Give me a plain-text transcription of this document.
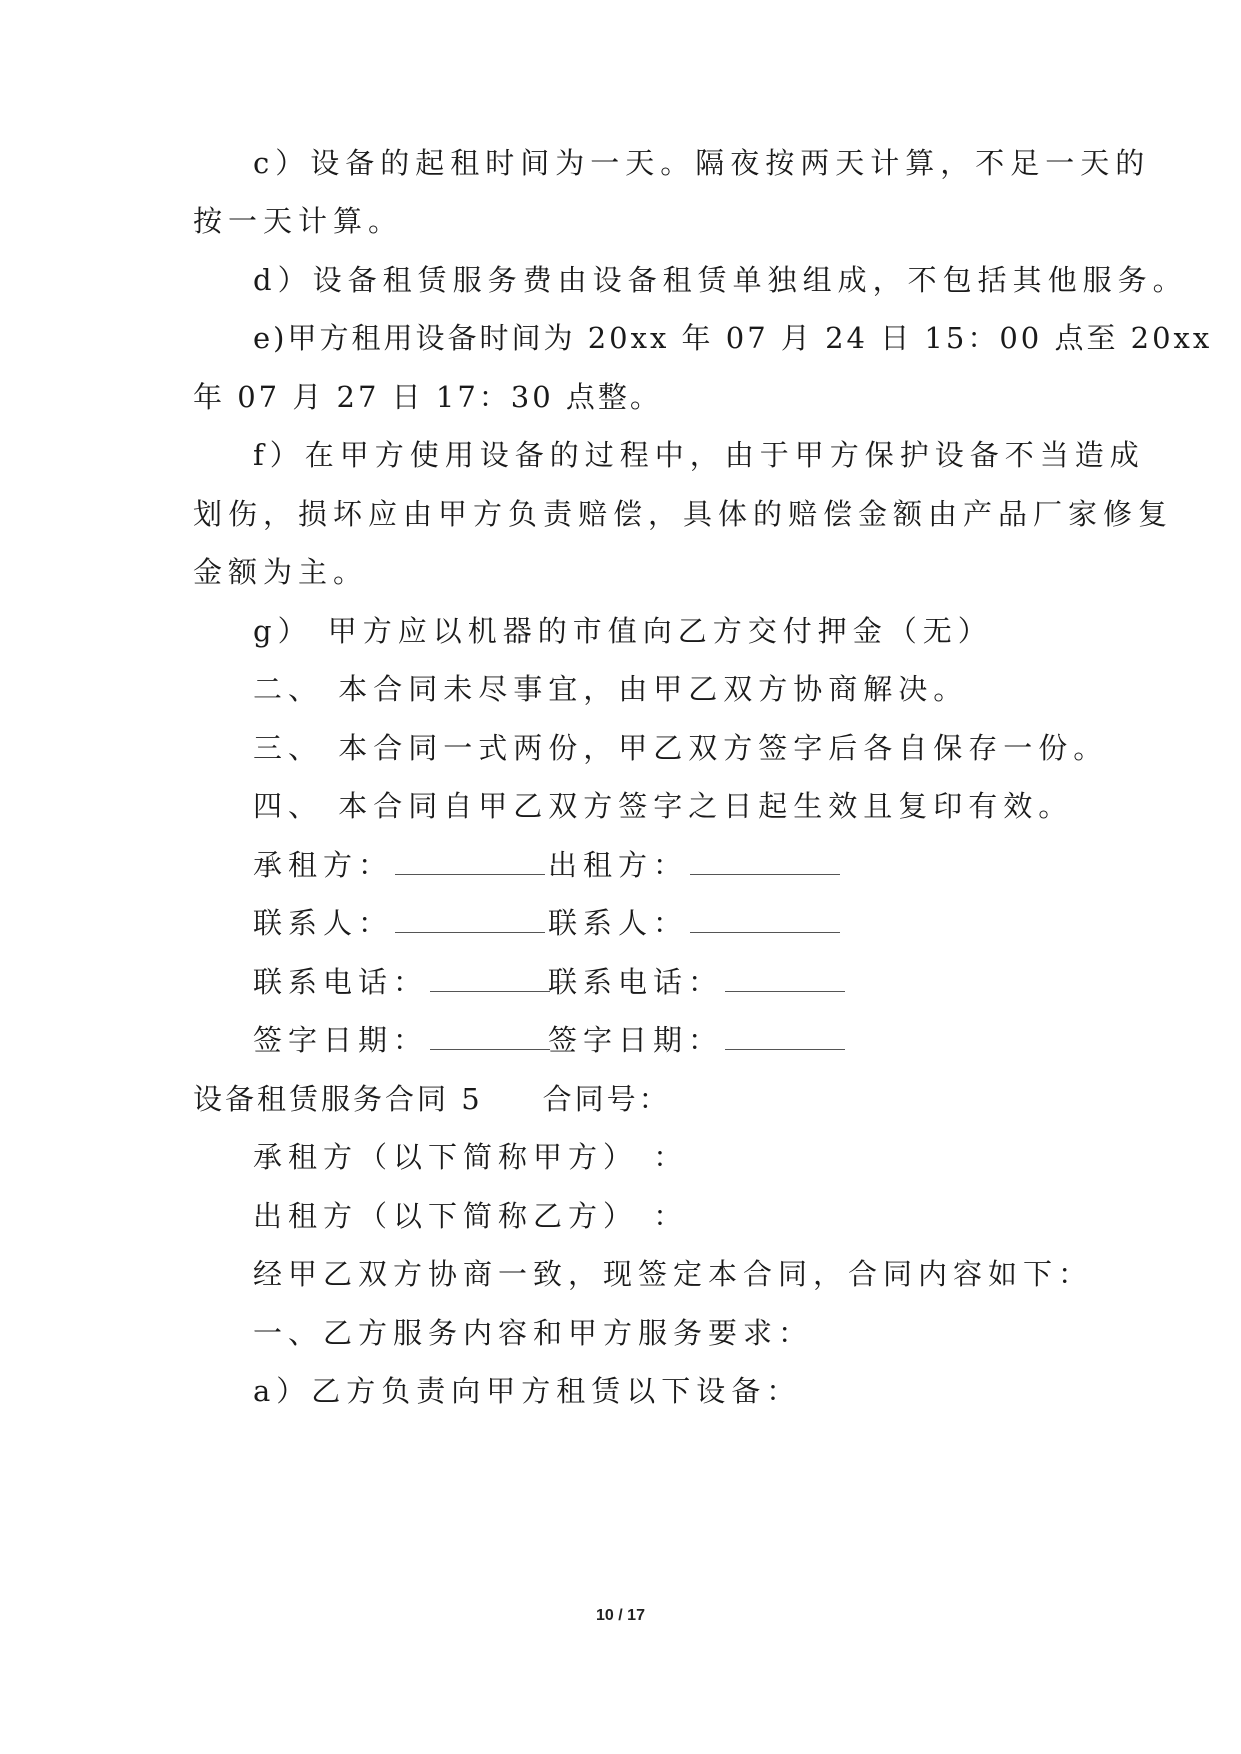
c）设备的起租时间为一天。隔夜按两天计算，不足一天的
按一天计算。
d）设备租赁服务费由设备租赁单独组成，不包括其他服务。
e)甲方租用设备时间为 20xx 年 07 月 24 日 15：00 点至 20xx
年 07 月 27 日 17：30 点整。
f）在甲方使用设备的过程中，由于甲方保护设备不当造成
划伤，损坏应由甲方负责赔偿，具体的赔偿金额由产品厂家修复
金额为主。
g） 甲方应以机器的市值向乙方交付押金（无）
二、 本合同未尽事宜，由甲乙双方协商解决。
三、 本合同一式两份，甲乙双方签字后各自保存一份。
四、 本合同自甲乙双方签字之日起生效且复印有效。
承租方：	出租方：
联系人：	联系人：
联系电话：	联系电话：
签字日期：	签字日期：
设备租赁服务合同 5 合同号：
承租方（以下简称甲方） ：
出租方（以下简称乙方） ：
经甲乙双方协商一致，现签定本合同，合同内容如下：
一、乙方服务内容和甲方服务要求：
a）乙方负责向甲方租赁以下设备：
10 / 17
